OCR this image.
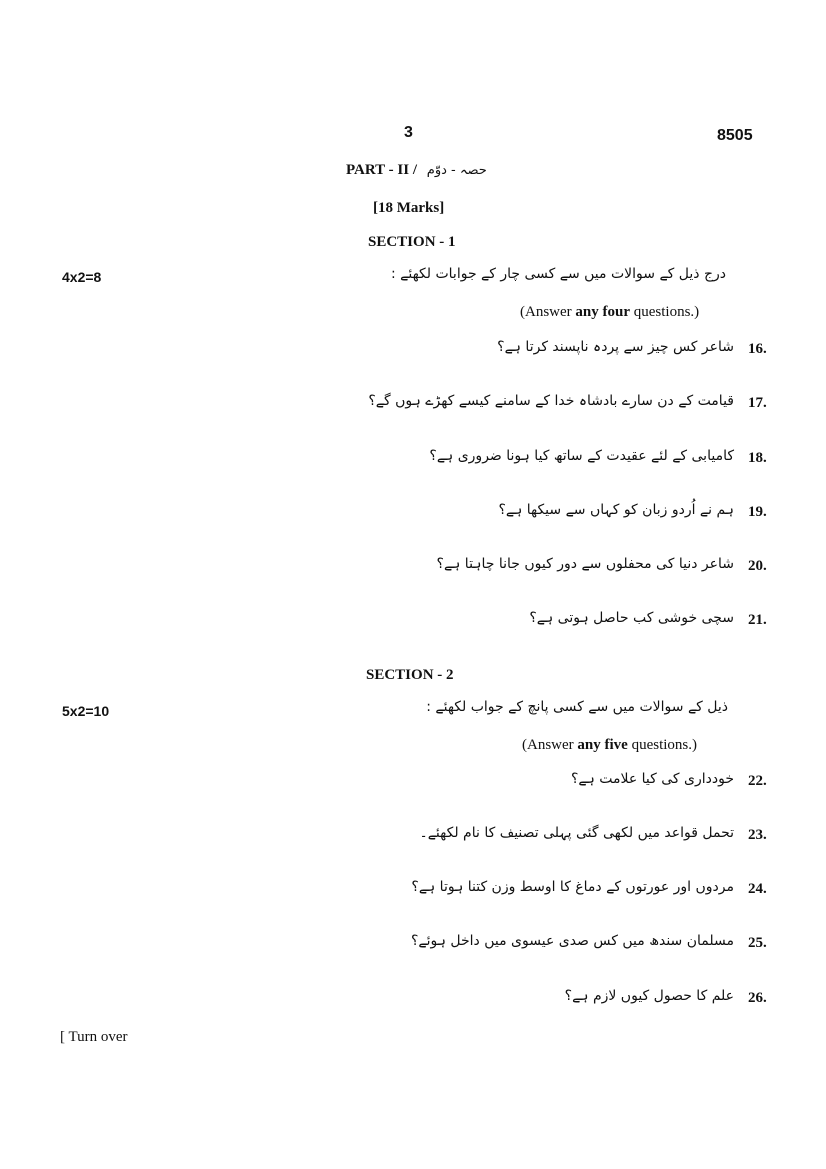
3	8505
PART - II / حصہ - دوّم
[18 Marks]
SECTION - 1
4x2=8	درج ذیل کے سوالات میں سے کسی چار کے جوابات لکھئے :
(Answer any four questions.)
16.
شاعر کس چیز سے پردہ ناپسند کرتا ہے؟
17.
قیامت کے دن سارے بادشاہ خدا کے سامنے کیسے کھڑے ہوں گے؟
18.
کامیابی کے لئے عقیدت کے ساتھ کیا ہونا ضروری ہے؟
19.
ہم نے اُردو زبان کو کہاں سے سیکھا ہے؟
20.
شاعر دنیا کی محفلوں سے دور کیوں جانا چاہتا ہے؟
21.
سچی خوشی کب حاصل ہوتی ہے؟
SECTION - 2
5x2=10	ذیل کے سوالات میں سے کسی پانچ کے جواب لکھئے :
(Answer any five questions.)
22.
خودداری کی کیا علامت ہے؟
23.
تحمل قواعد میں لکھی گئی پہلی تصنیف کا نام لکھئے۔
24.
مردوں اور عورتوں کے دماغ کا اوسط وزن کتنا ہوتا ہے؟
25.
مسلمان سندھ میں کس صدی عیسوی میں داخل ہوئے؟
26.
علم کا حصول کیوں لازم ہے؟
[ Turn over
